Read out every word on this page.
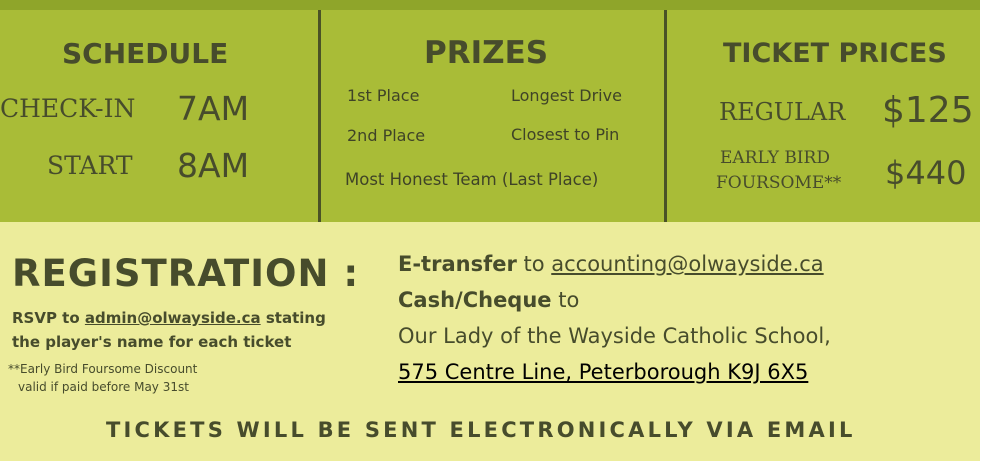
SCHEDULE
CHECK-IN 7AM
START 8AM
PRIZES
1st Place	Longest Drive
2nd Place	Closest to Pin
Most Honest Team (Last Place)
TICKET PRICES
REGULAR $125
EARLY BIRD
FOURSOME** $440
REGISTRATION :
RSVP to admin@olwayside.ca stating
the player's name for each ticket
**Early Bird Foursome Discount
valid if paid before May 31st
E-transfer to accounting@olwayside.ca
Cash/Cheque to
Our Lady of the Wayside Catholic School,
575 Centre Line, Peterborough K9J 6X5
TICKETS WILL BE SENT ELECTRONICALLY VIA EMAIL
